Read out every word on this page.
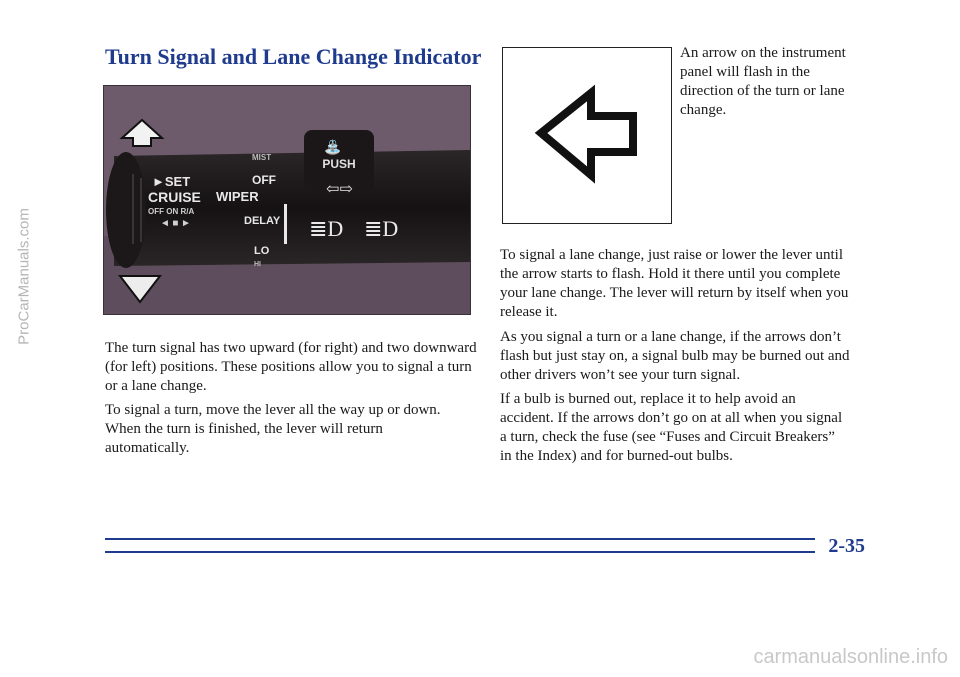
Turn Signal and Lane Change Indicator
PUSH
⛲
►SET
CRUISE
OFF ON R/A
◄ ■ ►
WIPER
MIST
OFF
⇦⇨
DELAY ≣D ≣D
LO
HI

The turn signal has two upward (for right) and two downward (for left) positions. These positions allow you to signal a turn or a lane change.

To signal a turn, move the lever all the way up or down. When the turn is finished, the lever will return automatically.

An arrow on the instrument panel will flash in the direction of the turn or lane change.

To signal a lane change, just raise or lower the lever until the arrow starts to flash. Hold it there until you complete your lane change. The lever will return by itself when you release it.

As you signal a turn or a lane change, if the arrows don’t flash but just stay on, a signal bulb may be burned out and other drivers won’t see your turn signal.

If a bulb is burned out, replace it to help avoid an accident. If the arrows don’t go on at all when you signal a turn, check the fuse (see “Fuses and Circuit Breakers” in the Index) and for burned-out bulbs.

2-35
ProCarManuals.com
carmanualsonline.info
